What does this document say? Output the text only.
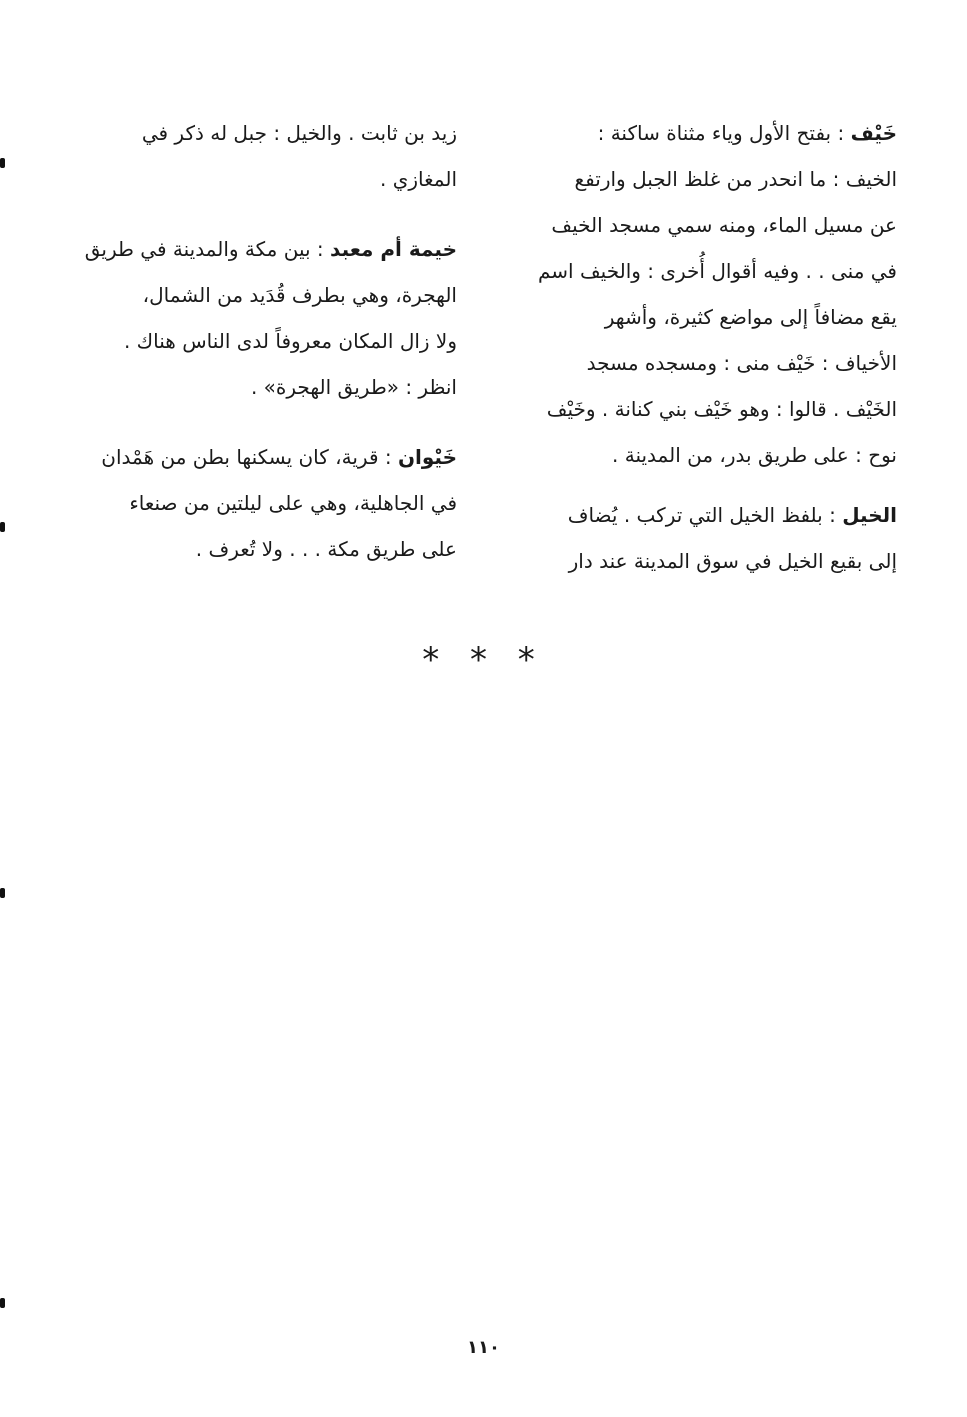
خَيْف : بفتح الأول وياء مثناة ساكنة :
الخيف : ما انحدر من غلظ الجبل وارتفع
عن مسيل الماء، ومنه سمي مسجد الخيف
في منى . . وفيه أقوال أُخرى : والخيف اسم
يقع مضافاً إلى مواضع كثيرة، وأشهر
الأخياف : خَيْف منى : ومسجده مسجد
الخَيْف . قالوا : وهو خَيْف بني كنانة . وخَيْف
نوح : على طريق بدر، من المدينة .
الخيل : بلفظ الخيل التي تركب . يُضاف
إلى بقيع الخيل في سوق المدينة عند دار
زيد بن ثابت . والخيل : جبل له ذكر في
المغازي .
خيمة أم معبد : بين مكة والمدينة في طريق
الهجرة، وهي بطرف قُدَيد من الشمال،
ولا زال المكان معروفاً لدى الناس هناك .
انظر : «طريق الهجرة» .
خَيْوان : قرية، كان يسكنها بطن من هَمْدان
في الجاهلية، وهي على ليلتين من صنعاء
على طريق مكة . . . ولا تُعرف .
* * *
١١٠
